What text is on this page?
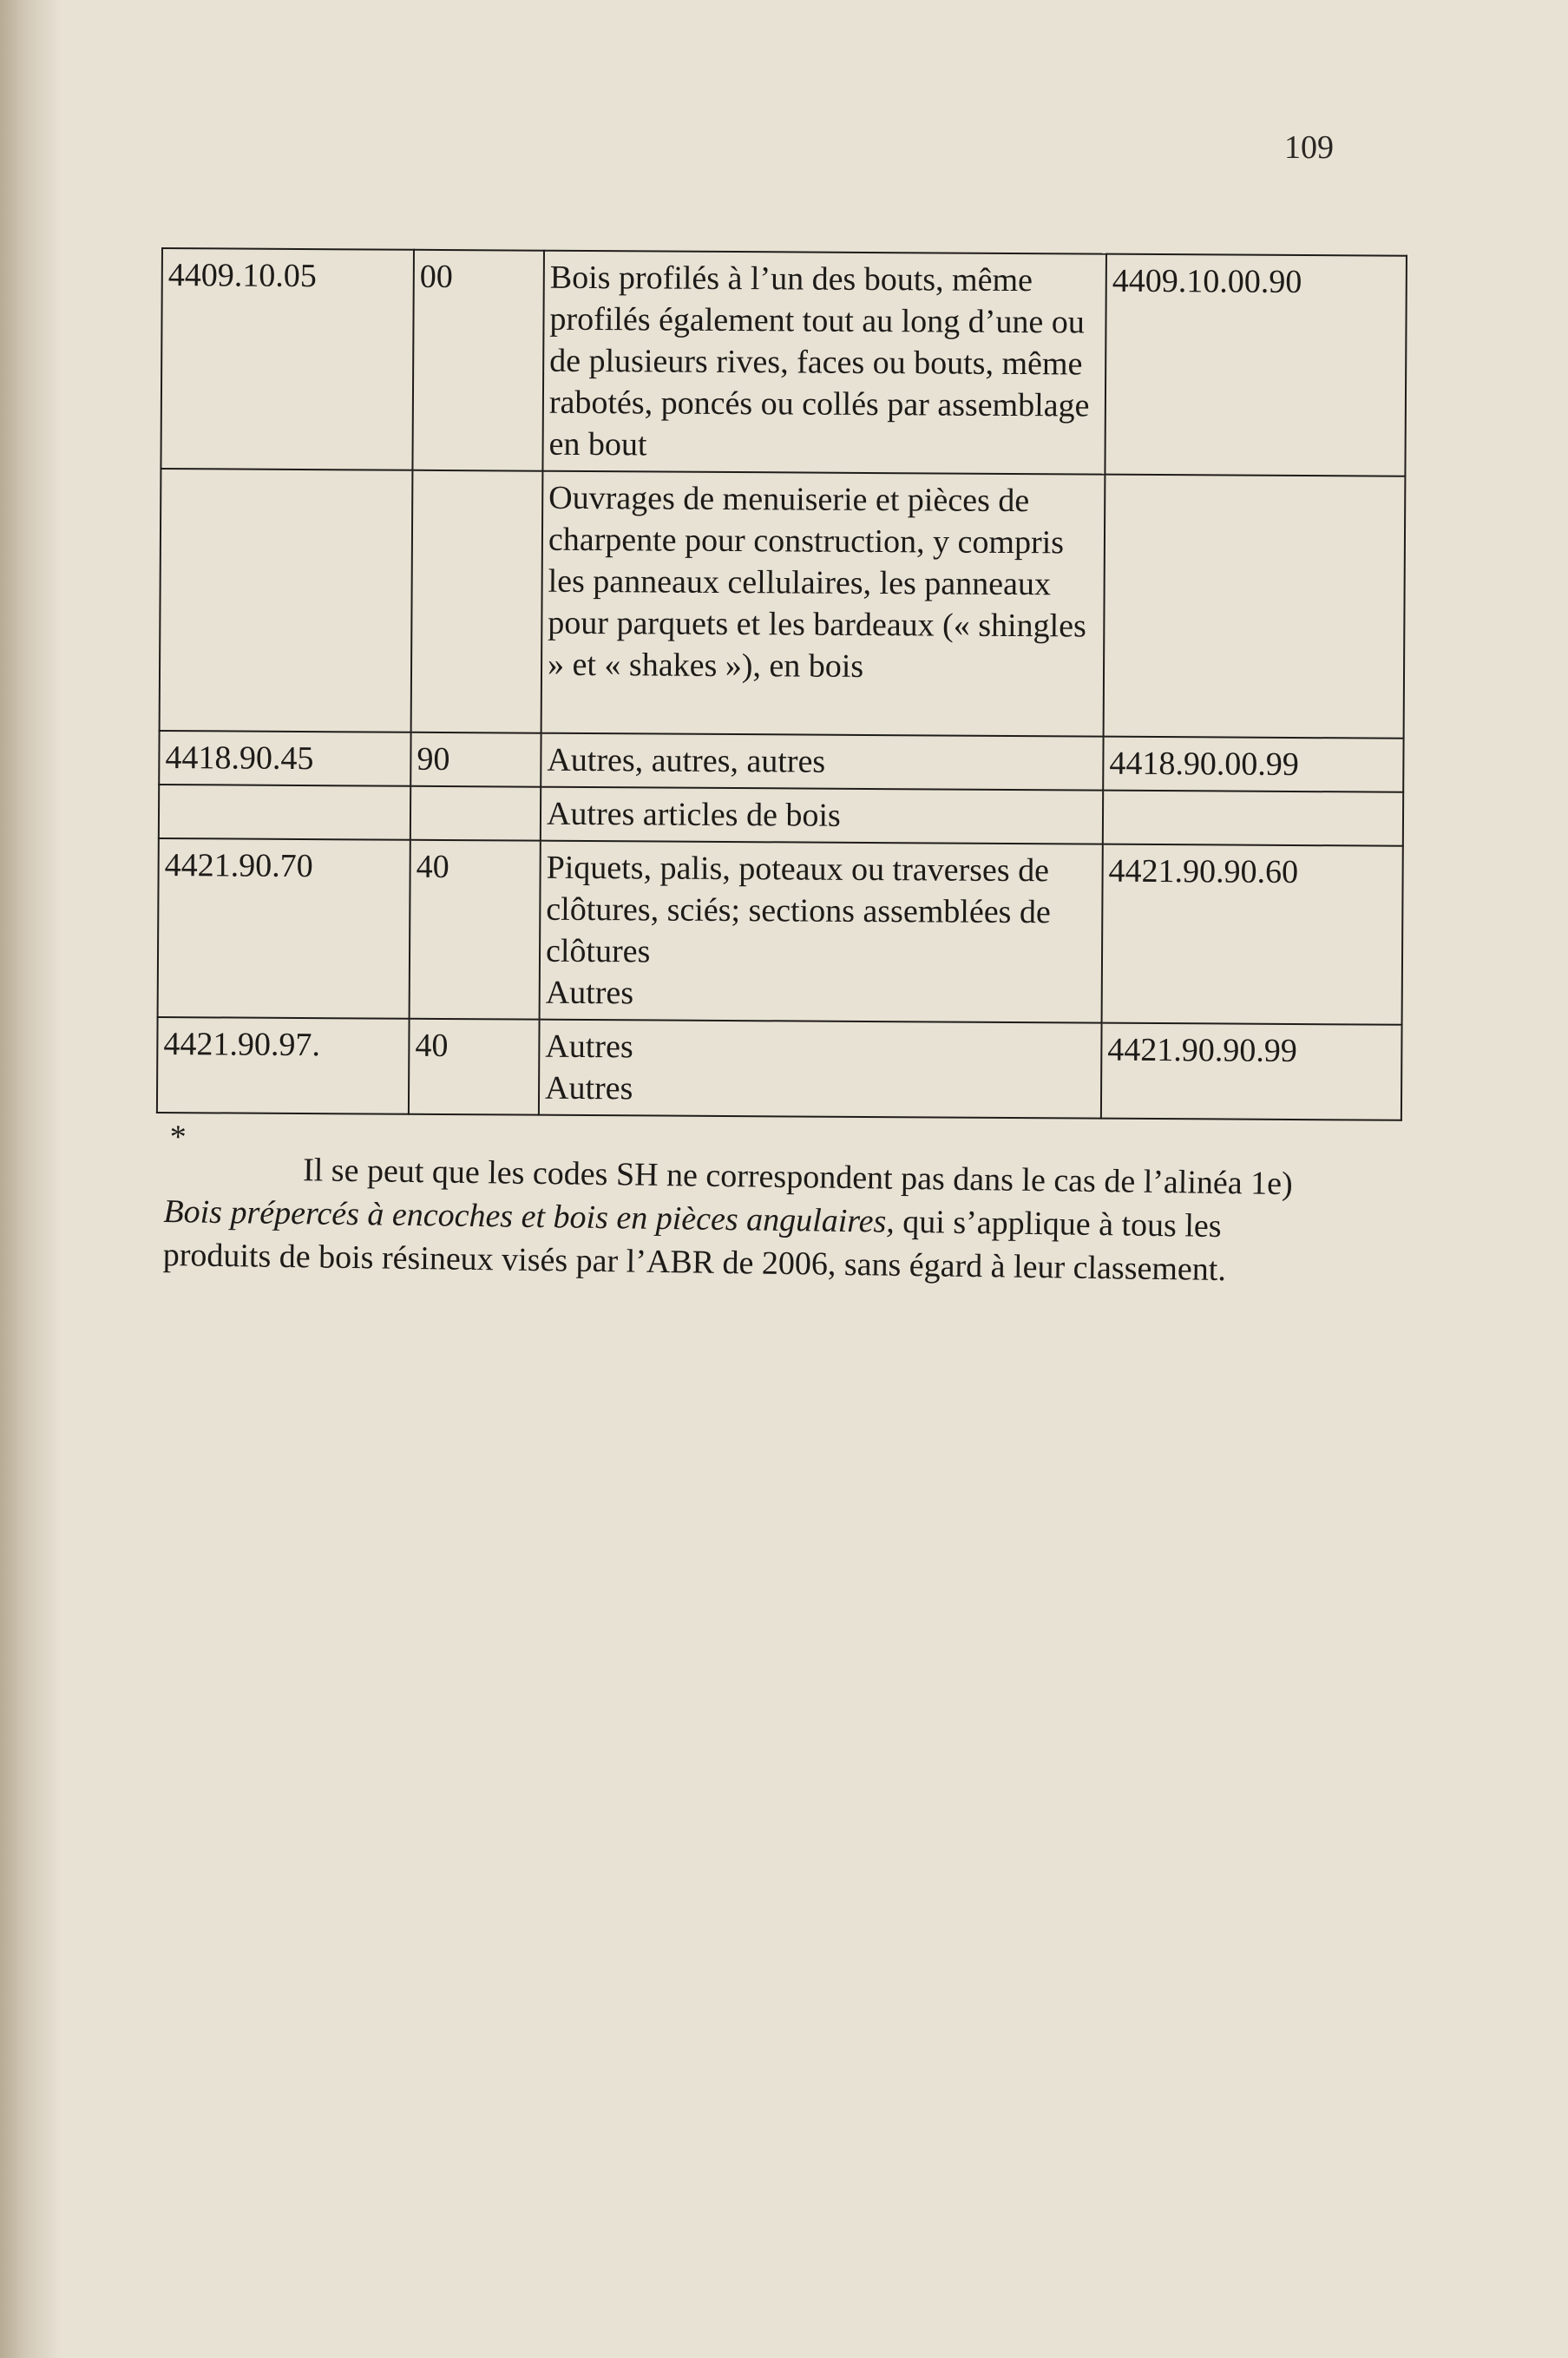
109
4409.10.05	00	Bois profilés à l’un des bouts, même profilés également tout au long d’une ou de plusieurs rives, faces ou bouts, même rabotés, poncés ou collés par assemblage en bout	4409.10.00.90

		Ouvrages de menuiserie et pièces de charpente pour construction, y compris les panneaux cellulaires, les panneaux pour parquets et les bardeaux (« shingles » et « shakes »), en bois	

4418.90.45	90	Autres, autres, autres	4418.90.00.99

		Autres articles de bois	

4421.90.70	40	Piquets, palis, poteaux ou traverses de clôtures, sciés; sections assemblées de clôtures
Autres	4421.90.90.60

4421.90.97.	40	Autres
Autres	4421.90.90.99
*

Il se peut que les codes SH ne correspondent pas dans le cas de l’alinéa 1e) Bois prépercés à encoches et bois en pièces angulaires, qui s’applique à tous les produits de bois résineux visés par l’ABR de 2006, sans égard à leur classement.
